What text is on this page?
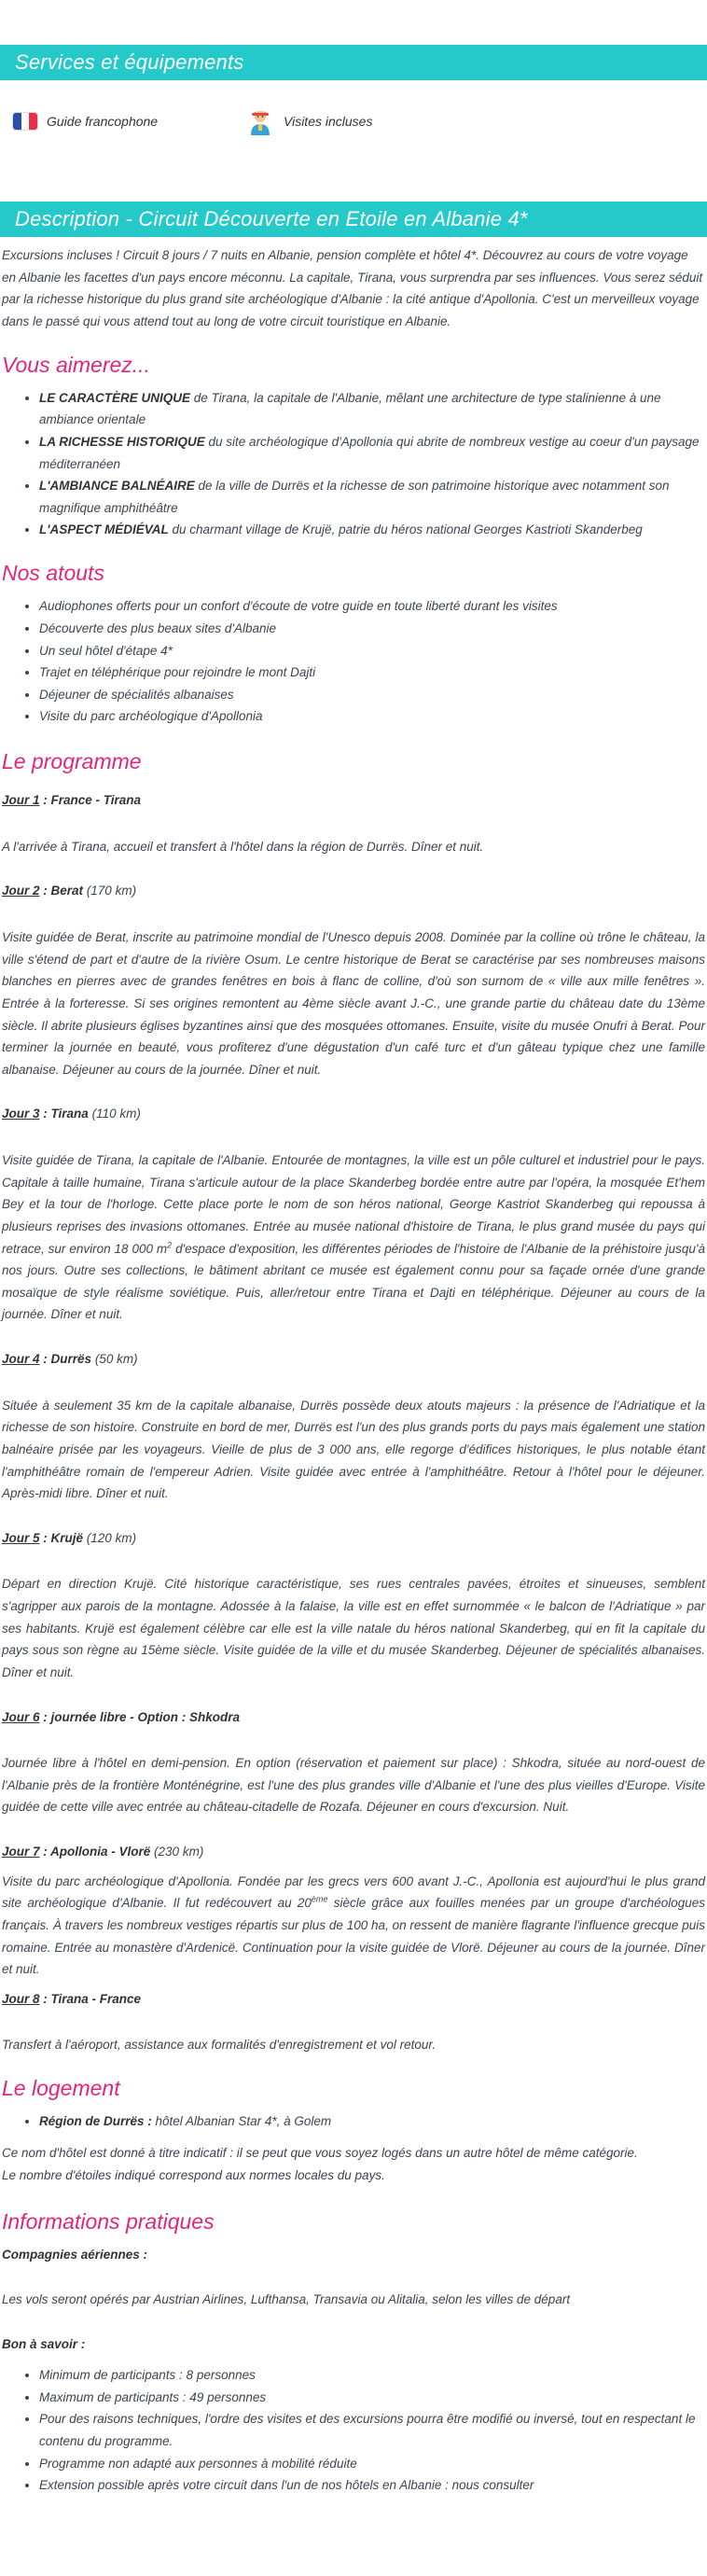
Services et équipements
Guide francophone	Visites incluses
Description - Circuit Découverte en Etoile en Albanie 4*

Excursions incluses ! Circuit 8 jours / 7 nuits en Albanie, pension complète et hôtel 4*. Découvrez au cours de votre voyage en Albanie les facettes d'un pays encore méconnu. La capitale, Tirana, vous surprendra par ses influences. Vous serez séduit par la richesse historique du plus grand site archéologique d'Albanie : la cité antique d'Apollonia. C'est un merveilleux voyage dans le passé qui vous attend tout au long de votre circuit touristique en Albanie.

Vous aimerez...
• LE CARACTÈRE UNIQUE de Tirana, la capitale de l'Albanie, mêlant une architecture de type stalinienne à une ambiance orientale
• LA RICHESSE HISTORIQUE du site archéologique d'Apollonia qui abrite de nombreux vestige au coeur d'un paysage méditerranéen
• L'AMBIANCE BALNÉAIRE de la ville de Durrës et la richesse de son patrimoine historique avec notamment son magnifique amphithéâtre
• L'ASPECT MÉDIÉVAL du charmant village de Krujë, patrie du héros national Georges Kastrioti Skanderbeg
Nos atouts
• Audiophones offerts pour un confort d'écoute de votre guide en toute liberté durant les visites
• Découverte des plus beaux sites d'Albanie
• Un seul hôtel d'étape 4*
• Trajet en téléphérique pour rejoindre le mont Dajti
• Déjeuner de spécialités albanaises
• Visite du parc archéologique d'Apollonia
Le programme
Jour 1 : France - Tirana

A l'arrivée à Tirana, accueil et transfert à l'hôtel dans la région de Durrës. Dîner et nuit.

Jour 2 : Berat (170 km)

Visite guidée de Berat, inscrite au patrimoine mondial de l'Unesco depuis 2008. Dominée par la colline où trône le château, la ville s'étend de part et d'autre de la rivière Osum. Le centre historique de Berat se caractérise par ses nombreuses maisons blanches en pierres avec de grandes fenêtres en bois à flanc de colline, d'où son surnom de « ville aux mille fenêtres ». Entrée à la forteresse. Si ses origines remontent au 4ème siècle avant J.-C., une grande partie du château date du 13ème siècle. Il abrite plusieurs églises byzantines ainsi que des mosquées ottomanes. Ensuite, visite du musée Onufri à Berat. Pour terminer la journée en beauté, vous profiterez d'une dégustation d'un café turc et d'un gâteau typique chez une famille albanaise. Déjeuner au cours de la journée. Dîner et nuit.

Jour 3 : Tirana (110 km)

Visite guidée de Tirana, la capitale de l'Albanie. Entourée de montagnes, la ville est un pôle culturel et industriel pour le pays. Capitale à taille humaine, Tirana s'articule autour de la place Skanderbeg bordée entre autre par l'opéra, la mosquée Et'hem Bey et la tour de l'horloge. Cette place porte le nom de son héros national, George Kastriot Skanderbeg qui repoussa à plusieurs reprises des invasions ottomanes. Entrée au musée national d'histoire de Tirana, le plus grand musée du pays qui retrace, sur environ 18 000 $m^2$ d'espace d'exposition, les différentes périodes de l'histoire de l'Albanie de la préhistoire jusqu'à nos jours. Outre ses collections, le bâtiment abritant ce musée est également connu pour sa façade ornée d'une grande mosaïque de style réalisme soviétique. Puis, aller/retour entre Tirana et Dajti en téléphérique. Déjeuner au cours de la journée. Dîner et nuit.

Jour 4 : Durrës (50 km)

Située à seulement 35 km de la capitale albanaise, Durrës possède deux atouts majeurs : la présence de l'Adriatique et la richesse de son histoire. Construite en bord de mer, Durrës est l'un des plus grands ports du pays mais également une station balnéaire prisée par les voyageurs. Vieille de plus de 3 000 ans, elle regorge d'édifices historiques, le plus notable étant l'amphithéâtre romain de l'empereur Adrien. Visite guidée avec entrée à l'amphithéâtre. Retour à l'hôtel pour le déjeuner. Après-midi libre. Dîner et nuit.

Jour 5 : Krujë (120 km)

Départ en direction Krujë. Cité historique caractéristique, ses rues centrales pavées, étroites et sinueuses, semblent s'agripper aux parois de la montagne. Adossée à la falaise, la ville est en effet surnommée « le balcon de l'Adriatique » par ses habitants. Krujë est également célèbre car elle est la ville natale du héros national Skanderbeg, qui en fit la capitale du pays sous son règne au 15ème siècle. Visite guidée de la ville et du musée Skanderbeg. Déjeuner de spécialités albanaises. Dîner et nuit.

Jour 6 : journée libre - Option : Shkodra

Journée libre à l'hôtel en demi-pension. En option (réservation et paiement sur place) : Shkodra, située au nord-ouest de l'Albanie près de la frontière Monténégrine, est l'une des plus grandes ville d'Albanie et l'une des plus vieilles d'Europe. Visite guidée de cette ville avec entrée au château-citadelle de Rozafa. Déjeuner en cours d'excursion. Nuit.

Jour 7 : Apollonia - Vlorë (230 km)

Visite du parc archéologique d'Apollonia. Fondée par les grecs vers 600 avant J.-C., Apollonia est aujourd'hui le plus grand site archéologique d'Albanie. Il fut redécouvert au 20ème siècle grâce aux fouilles menées par un groupe d'archéologues français. À travers les nombreux vestiges répartis sur plus de 100 ha, on ressent de manière flagrante l'influence grecque puis romaine. Entrée au monastère d'Ardenicë. Continuation pour la visite guidée de Vlorë. Déjeuner au cours de la journée. Dîner et nuit.

Jour 8 : Tirana - France

Transfert à l'aéroport, assistance aux formalités d'enregistrement et vol retour.

Le logement
• Région de Durrës : hôtel Albanian Star 4*, à Golem

Ce nom d'hôtel est donné à titre indicatif : il se peut que vous soyez logés dans un autre hôtel de même catégorie.

Le nombre d'étoiles indiqué correspond aux normes locales du pays.

Informations pratiques

Compagnies aériennes :

Les vols seront opérés par Austrian Airlines, Lufthansa, Transavia ou Alitalia, selon les villes de départ

Bon à savoir :

• Minimum de participants : 8 personnes
• Maximum de participants : 49 personnes
• Pour des raisons techniques, l'ordre des visites et des excursions pourra être modifié ou inversé, tout en respectant le contenu du programme.
• Programme non adapté aux personnes à mobilité réduite
• Extension possible après votre circuit dans l'un de nos hôtels en Albanie : nous consulter
